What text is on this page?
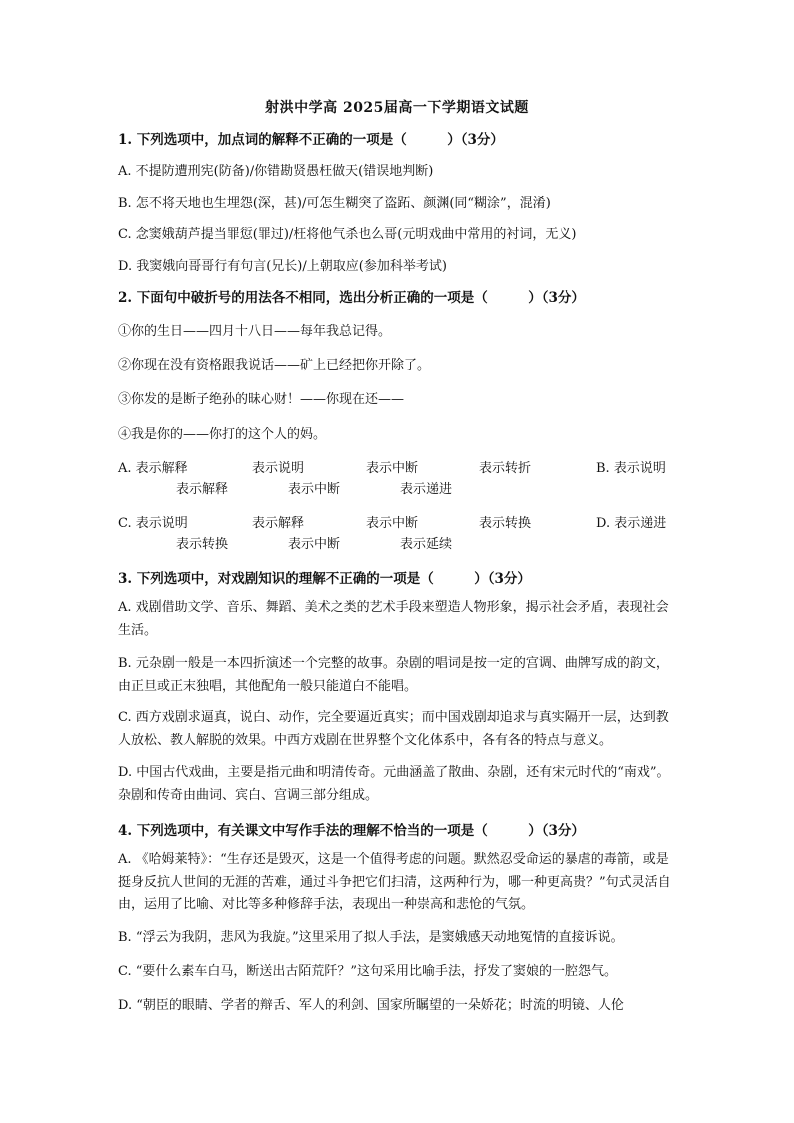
射洪中学高 2025届高一下学期语文试题
1. 下列选项中，加点词的解释不正确的一项是（　　　）（3分）
A. 不提防遭刑宪(防备)/你错勘贤愚枉做天(错误地判断)
B. 怎不将天地也生埋怨(深，甚)/可怎生糊突了盗跖、颜渊(同“糊涂”，混淆)
C. 念窦娥葫芦提当罪愆(罪过)/枉将他气杀也么哥(元明戏曲中常用的衬词，无义)
D. 我窦娥向哥哥行有句言(兄长)/上朝取应(参加科举考试)
2. 下面句中破折号的用法各不相同，选出分析正确的一项是（　　　）（3分）
①你的生日——四月十八日——每年我总记得。
②你现在没有资格跟我说话——矿上已经把你开除了。
③你发的是断子绝孙的昧心财！——你现在还——
④我是你的——你打的这个人的妈。
A. 表示解释	表示说明	表示中断	表示转折	B. 表示说明
表示解释	表示中断	表示递进
C. 表示说明	表示解释	表示中断	表示转换	D. 表示递进
表示转换	表示中断	表示延续
3. 下列选项中，对戏剧知识的理解不正确的一项是（　　　）（3分）
A. 戏剧借助文学、音乐、舞蹈、美术之类的艺术手段来塑造人物形象，揭示社会矛盾，表现社会生活。
B. 元杂剧一般是一本四折演述一个完整的故事。杂剧的唱词是按一定的宫调、曲牌写成的韵文，由正旦或正末独唱，其他配角一般只能道白不能唱。
C. 西方戏剧求逼真，说白、动作，完全要逼近真实；而中国戏剧却追求与真实隔开一层，达到教人放松、教人解脱的效果。中西方戏剧在世界整个文化体系中，各有各的特点与意义。
D. 中国古代戏曲，主要是指元曲和明清传奇。元曲涵盖了散曲、杂剧，还有宋元时代的“南戏”。杂剧和传奇由曲词、宾白、宫调三部分组成。
4. 下列选项中，有关课文中写作手法的理解不恰当的一项是（　　　）（3分）
A. 《哈姆莱特》：“生存还是毁灭，这是一个值得考虑的问题。默然忍受命运的暴虐的毒箭，或是挺身反抗人世间的无涯的苦难，通过斗争把它们扫清，这两种行为，哪一种更高贵？”句式灵活自由，运用了比喻、对比等多种修辞手法，表现出一种崇高和悲怆的气氛。
B. “浮云为我阴，悲风为我旋。”这里采用了拟人手法，是窦娥感天动地冤情的直接诉说。
C. “要什么素车白马，断送出古陌荒阡？”这句采用比喻手法，抒发了窦娘的一腔怨气。
D. “朝臣的眼睛、学者的辩舌、军人的利剑、国家所瞩望的一朵娇花；时流的明镜、人伦
